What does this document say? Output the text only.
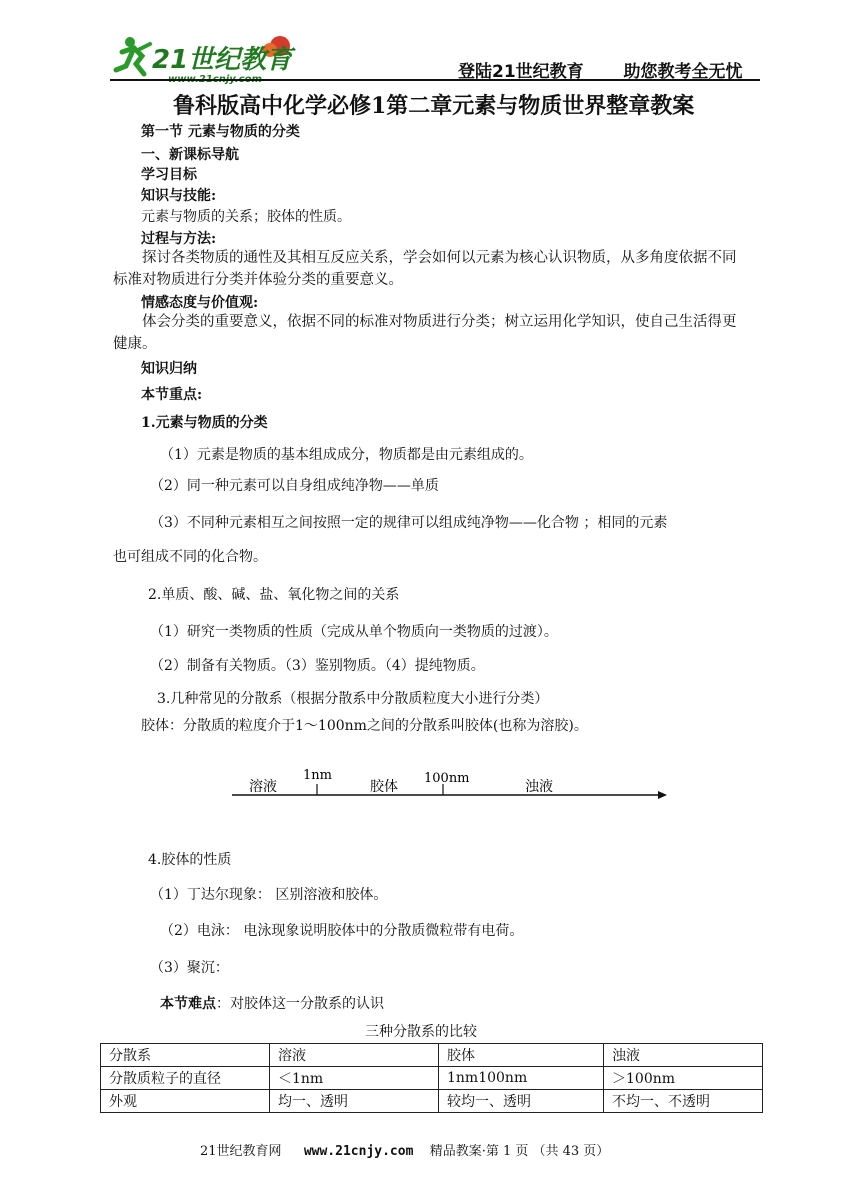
21世纪教育
www.21cnjy.com	登陆21世纪教育 助您教考全无忧
鲁科版高中化学必修1第二章元素与物质世界整章教案
第一节 元素与物质的分类
一、新课标导航
学习目标
知识与技能:
元素与物质的关系；胶体的性质。
过程与方法:
探讨各类物质的通性及其相互反应关系，学会如何以元素为核心认识物质，从多角度依据不同标准对物质进行分类并体验分类的重要意义。
情感态度与价值观:
体会分类的重要意义，依据不同的标准对物质进行分类；树立运用化学知识，使自己生活得更健康。
知识归纳
本节重点:
1.元素与物质的分类
（1）元素是物质的基本组成成分，物质都是由元素组成的。
（2）同一种元素可以自身组成纯净物——单质
（3）不同种元素相互之间按照一定的规律可以组成纯净物——化合物 ；相同的元素
也可组成不同的化合物。
2.单质、酸、碱、盐、氧化物之间的关系
（1）研究一类物质的性质（完成从单个物质向一类物质的过渡）。
（2）制备有关物质。（3）鉴别物质。（4）提纯物质。
3.几种常见的分散系（根据分散系中分散质粒度大小进行分类）
胶体：分散质的粒度介于1～100nm之间的分散系叫胶体(也称为溶胶)。
溶液
1nm
胶体
100nm
浊液
4.胶体的性质
（1）丁达尔现象： 区别溶液和胶体。
（2）电泳： 电泳现象说明胶体中的分散质微粒带有电荷。
（3）聚沉：
本节难点：对胶体这一分散系的认识
三种分散系的比较
分散系	溶液	胶体	浊液
分散质粒子的直径	＜1nm	1nm100nm	＞100nm
外观	均一、透明	较均一、透明	不均一、不透明
21世纪教育网 www.21cnjy.com 精品教案·第 1 页 （共 43 页）
